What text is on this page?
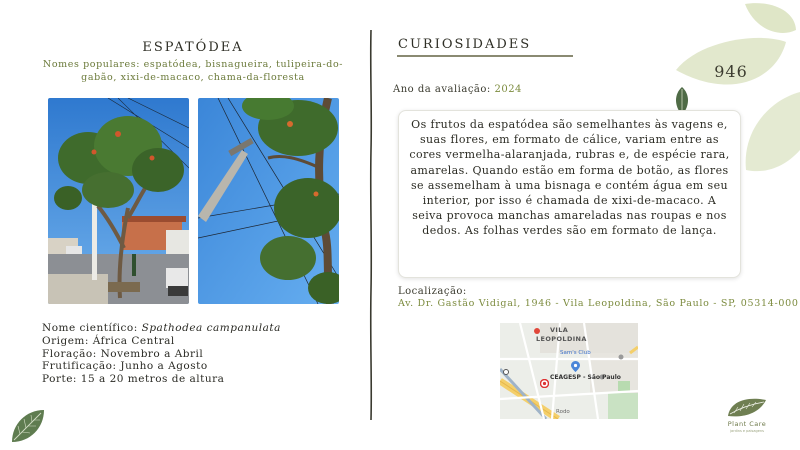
ESPATÓDEA
Nomes populares: espatódea, bisnagueira, tulipeira-do-gabão, xixi-de-macaco, chama-da-floresta
Nome científico: Spathodea campanulata
Origem: África Central
Floração: Novembro a Abril
Frutificação: Junho a Agosto
Porte: 15 a 20 metros de altura
CURIOSIDADES
Ano da avaliação: 2024
946

Os frutos da espatódea são semelhantes às vagens e, suas flores, em formato de cálice, variam entre as cores vermelha-alaranjada, rubras e, de espécie rara, amarelas. Quando estão em forma de botão, as flores se assemelham à uma bisnaga e contém água em seu interior, por isso é chamada de xixi-de-macaco. A seiva provoca manchas amareladas nas roupas e nos dedos. As folhas verdes são em formato de lança.

Localização:
Av. Dr. Gastão Vidigal, 1946 - Vila Leopoldina, São Paulo - SP, 05314-000
VILA
LEOPOLDINA
Sam's Club
CEAGESP - São Paulo
Rodo
Plant Care
jardins e paisagens
